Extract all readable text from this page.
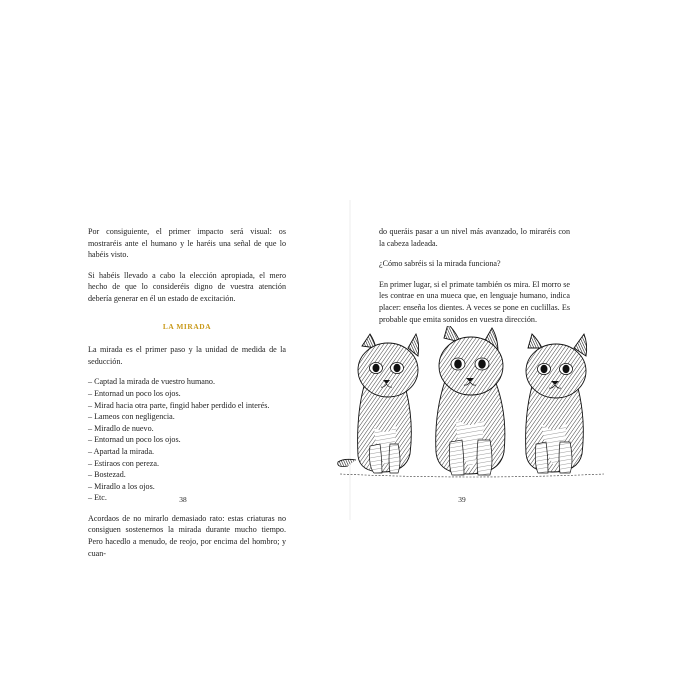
Por consiguiente, el primer impacto será visual: os mostraréis ante el humano y le haréis una señal de que lo habéis visto.

Si habéis llevado a cabo la elección apropiada, el mero hecho de que lo consideréis digno de vuestra atención debería generar en él un estado de excitación.

LA MIRADA

La mirada es el primer paso y la unidad de medida de la seducción.

– Captad la mirada de vuestro humano.
– Entornad un poco los ojos.
– Mirad hacia otra parte, fingid haber perdido el interés.
– Lameos con negligencia.
– Miradlo de nuevo.
– Entornad un poco los ojos.
– Apartad la mirada.
– Estiraos con pereza.
– Bostezad.
– Miradlo a los ojos.
– Etc.

Acordaos de no mirarlo demasiado rato: estas criaturas no consiguen sostenernos la mirada durante mucho tiempo. Pero hacedlo a menudo, de reojo, por encima del hombro; y cuan-

38	39

do queráis pasar a un nivel más avanzado, lo miraréis con la cabeza ladeada.

¿Cómo sabréis si la mirada funciona?

En primer lugar, si el primate también os mira. El morro se les contrae en una mueca que, en lenguaje humano, indica placer: enseña los dientes. A veces se pone en cuclillas. Es probable que emita sonidos en vuestra dirección.
